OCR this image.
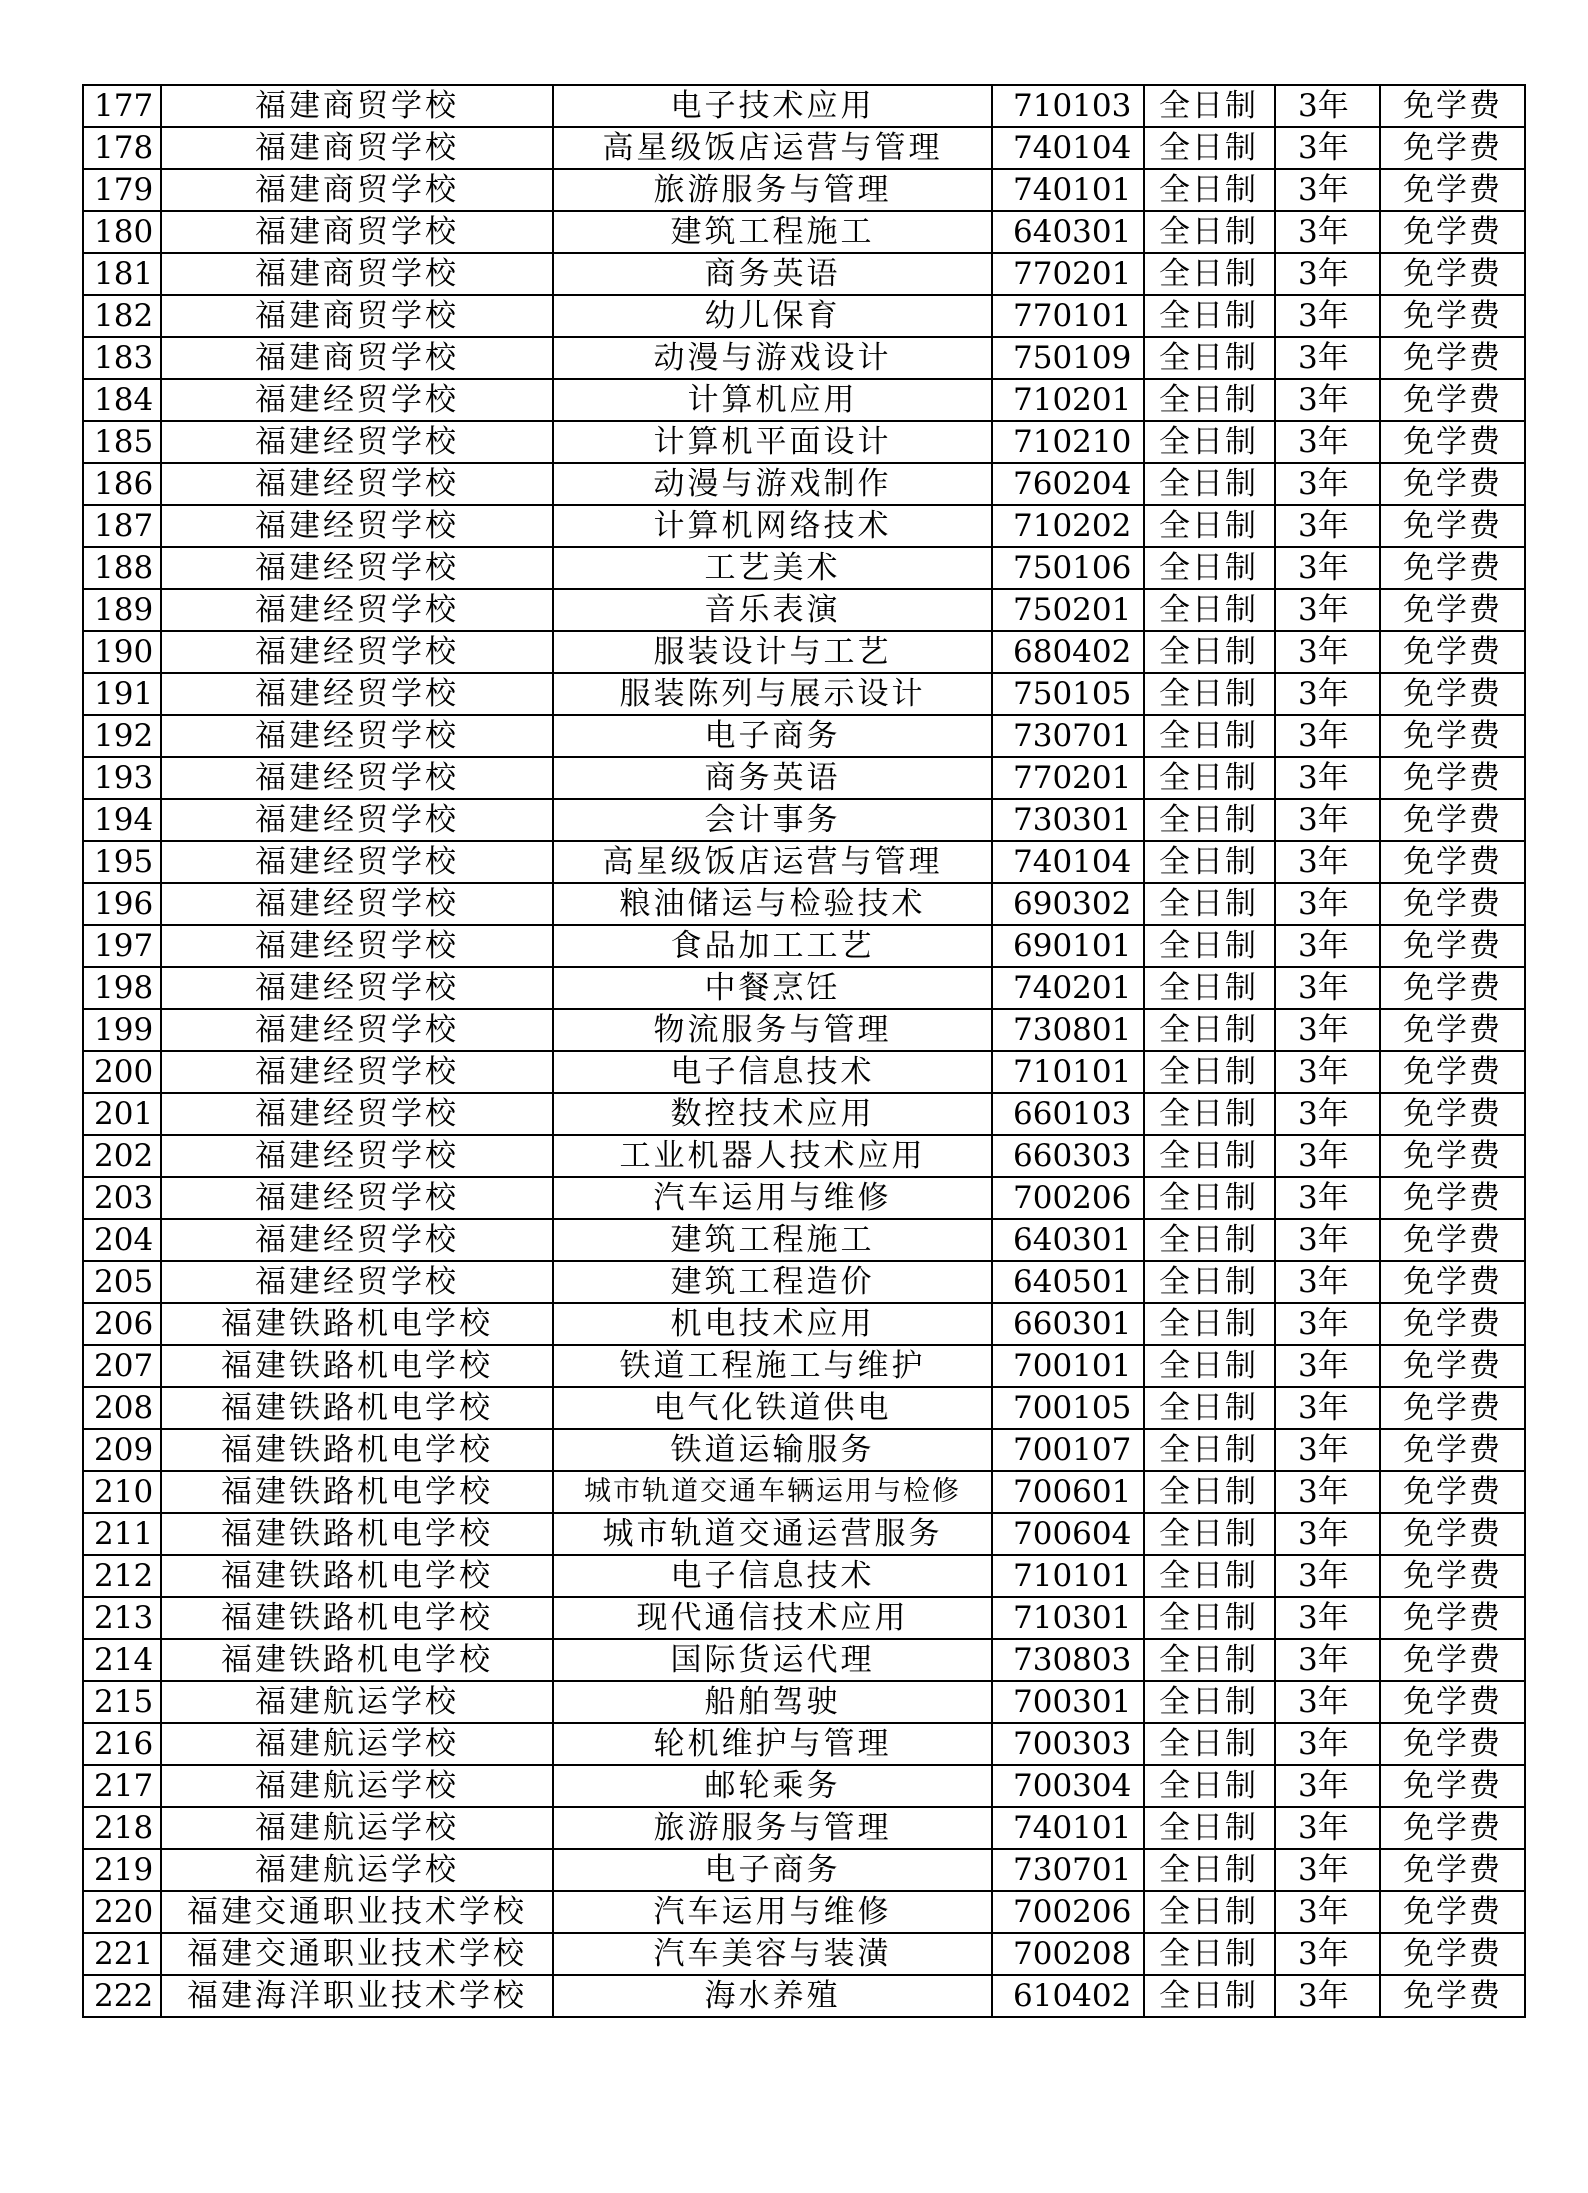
177	福建商贸学校	电子技术应用	710103	全日制	3年	免学费
178	福建商贸学校	高星级饭店运营与管理	740104	全日制	3年	免学费
179	福建商贸学校	旅游服务与管理	740101	全日制	3年	免学费
180	福建商贸学校	建筑工程施工	640301	全日制	3年	免学费
181	福建商贸学校	商务英语	770201	全日制	3年	免学费
182	福建商贸学校	幼儿保育	770101	全日制	3年	免学费
183	福建商贸学校	动漫与游戏设计	750109	全日制	3年	免学费
184	福建经贸学校	计算机应用	710201	全日制	3年	免学费
185	福建经贸学校	计算机平面设计	710210	全日制	3年	免学费
186	福建经贸学校	动漫与游戏制作	760204	全日制	3年	免学费
187	福建经贸学校	计算机网络技术	710202	全日制	3年	免学费
188	福建经贸学校	工艺美术	750106	全日制	3年	免学费
189	福建经贸学校	音乐表演	750201	全日制	3年	免学费
190	福建经贸学校	服装设计与工艺	680402	全日制	3年	免学费
191	福建经贸学校	服装陈列与展示设计	750105	全日制	3年	免学费
192	福建经贸学校	电子商务	730701	全日制	3年	免学费
193	福建经贸学校	商务英语	770201	全日制	3年	免学费
194	福建经贸学校	会计事务	730301	全日制	3年	免学费
195	福建经贸学校	高星级饭店运营与管理	740104	全日制	3年	免学费
196	福建经贸学校	粮油储运与检验技术	690302	全日制	3年	免学费
197	福建经贸学校	食品加工工艺	690101	全日制	3年	免学费
198	福建经贸学校	中餐烹饪	740201	全日制	3年	免学费
199	福建经贸学校	物流服务与管理	730801	全日制	3年	免学费
200	福建经贸学校	电子信息技术	710101	全日制	3年	免学费
201	福建经贸学校	数控技术应用	660103	全日制	3年	免学费
202	福建经贸学校	工业机器人技术应用	660303	全日制	3年	免学费
203	福建经贸学校	汽车运用与维修	700206	全日制	3年	免学费
204	福建经贸学校	建筑工程施工	640301	全日制	3年	免学费
205	福建经贸学校	建筑工程造价	640501	全日制	3年	免学费
206	福建铁路机电学校	机电技术应用	660301	全日制	3年	免学费
207	福建铁路机电学校	铁道工程施工与维护	700101	全日制	3年	免学费
208	福建铁路机电学校	电气化铁道供电	700105	全日制	3年	免学费
209	福建铁路机电学校	铁道运输服务	700107	全日制	3年	免学费
210	福建铁路机电学校	城市轨道交通车辆运用与检修	700601	全日制	3年	免学费
211	福建铁路机电学校	城市轨道交通运营服务	700604	全日制	3年	免学费
212	福建铁路机电学校	电子信息技术	710101	全日制	3年	免学费
213	福建铁路机电学校	现代通信技术应用	710301	全日制	3年	免学费
214	福建铁路机电学校	国际货运代理	730803	全日制	3年	免学费
215	福建航运学校	船舶驾驶	700301	全日制	3年	免学费
216	福建航运学校	轮机维护与管理	700303	全日制	3年	免学费
217	福建航运学校	邮轮乘务	700304	全日制	3年	免学费
218	福建航运学校	旅游服务与管理	740101	全日制	3年	免学费
219	福建航运学校	电子商务	730701	全日制	3年	免学费
220	福建交通职业技术学校	汽车运用与维修	700206	全日制	3年	免学费
221	福建交通职业技术学校	汽车美容与装潢	700208	全日制	3年	免学费
222	福建海洋职业技术学校	海水养殖	610402	全日制	3年	免学费
